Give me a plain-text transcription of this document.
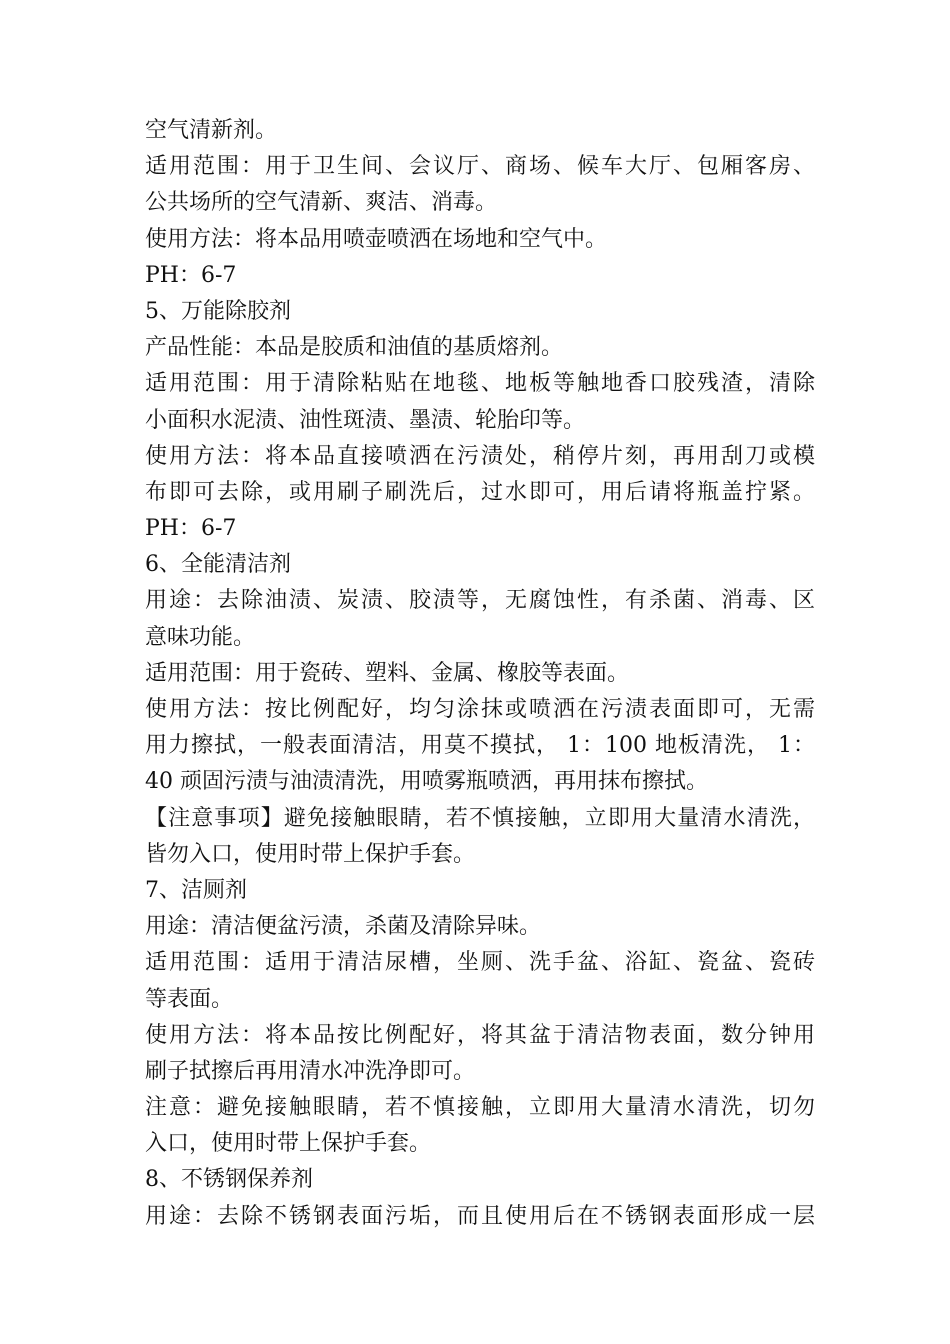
空气清新剂。
适用范围：用于卫生间、会议厅、商场、候车大厅、包厢客房、
公共场所的空气清新、爽洁、消毒。
使用方法：将本品用喷壶喷洒在场地和空气中。
PH：6-7
5、万能除胶剂
产品性能：本品是胶质和油值的基质熔剂。
适用范围：用于清除粘贴在地毯、地板等触地香口胶残渣，清除
小面积水泥渍、油性斑渍、墨渍、轮胎印等。
使用方法：将本品直接喷洒在污渍处，稍停片刻，再用刮刀或模
布即可去除，或用刷子刷洗后，过水即可，用后请将瓶盖拧紧。
PH：6-7
6、全能清洁剂
用途：去除油渍、炭渍、胶渍等，无腐蚀性，有杀菌、消毒、区
意味功能。
适用范围：用于瓷砖、塑料、金属、橡胶等表面。
使用方法：按比例配好，均匀涂抹或喷洒在污渍表面即可，无需
用力擦拭，一般表面清洁，用莫不摸拭， 1：100 地板清洗， 1：
40 顽固污渍与油渍清洗，用喷雾瓶喷洒，再用抹布擦拭。
【注意事项】避免接触眼睛，若不慎接触，立即用大量清水清洗，
皆勿入口，使用时带上保护手套。
7、洁厕剂
用途：清洁便盆污渍，杀菌及清除异味。
适用范围：适用于清洁尿槽，坐厕、洗手盆、浴缸、瓷盆、瓷砖
等表面。
使用方法：将本品按比例配好，将其盆于清洁物表面，数分钟用
刷子拭擦后再用清水冲洗净即可。
注意：避免接触眼睛，若不慎接触，立即用大量清水清洗，切勿
入口，使用时带上保护手套。
8、不锈钢保养剂
用途：去除不锈钢表面污垢，而且使用后在不锈钢表面形成一层
